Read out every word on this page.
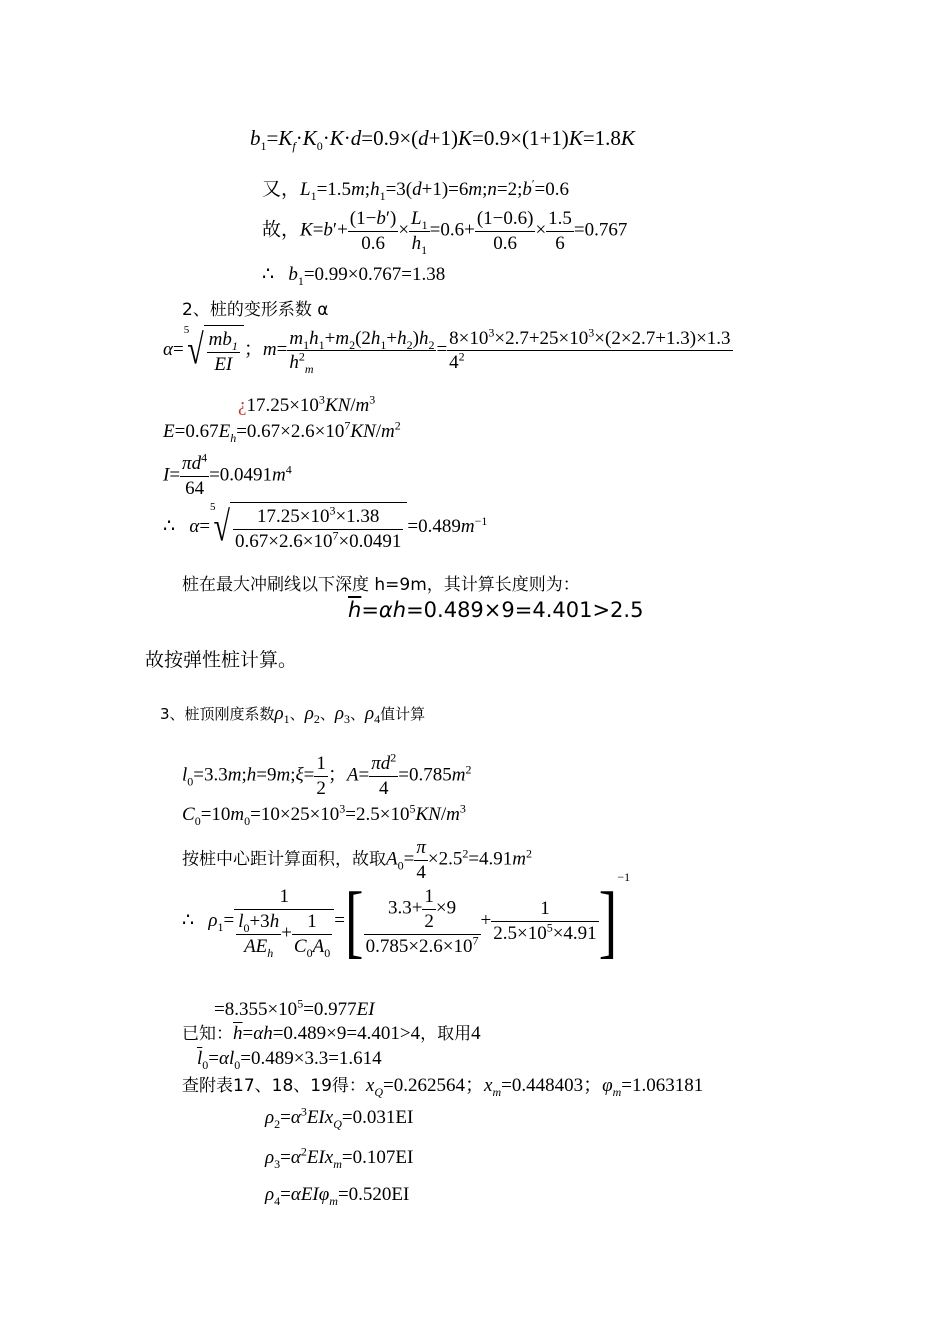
$b_1=K_f\cdot K_0\cdot K\cdot d=0.9\times(d+1)K=0.9\times(1+1)K=1.8K$
又，$L_1=1.5m;h_1=3(d+1)=6m;n=2;b'=0.6$
故，$K=b'+ \frac{(1-b')}{0.6} \times \frac{L_1}{h_1} =0.6+ \frac{(1-0.6)}{0.6} \times \frac{1.5}{6} =0.767$
∴   $b_1=0.99\times 0.767=1.38$
2、桩的变形系数 α
$\alpha=^5√ \frac{mb_1}{EI}$ ；$m= \frac{m_1h_1+m_2(2h_1+h_2)h_2}{h^2_m} = \frac{8\times 10^3\times 2.7+25\times 10^3\times(2\times 2.7+1.3)\times 1.3}{4^2}$
¿$17.25\times 10^3KN/m^3$
$E=0.67E_h=0.67\times 2.6\times 10^7KN/m^2$
$I= \frac{\pi d^4}{64} =0.0491m^4$
∴   $\alpha=^5√ \frac{17.25\times 10^3\times 1.38}{0.67\times 2.6\times 10^7\times 0.0491} =0.489m^{-1}$
桩在最大冲刷线以下深度 h=9m，其计算长度则为：
$\overline{h}=\alpha h=0.489\times 9=4.401>2.5$
故按弹性桩计算。
3、桩顶刚度系数$\rho_1$、$\rho_2$、$\rho_3$、$\rho_4$值计算
$l_0=3.3m;h=9m;\xi= \frac{1}{2}$ ；$A= \frac{\pi d^2}{4} =0.785m^2$
$C_0=10m_0=10\times 25\times 10^3=2.5\times 10^5KN/m^3$
按桩中心距计算面积，故取$A_0= \frac{\pi}{4} \times 2.5^2=4.91m^2$
∴   $\rho_1=$
1
$l_0+3h$
$AE_h$
+ $\frac{1}{C_0A_0}$ =[ $\frac{3.3+ \frac{1}{2} \times 9}{0.785\times 2.6\times 10^7} + \frac{1}{2.5\times 10^5\times 4.91} ]^{-1}$
$=8.355\times 10^5=0.977EI$
已知：$\overline{h}=\alpha h=0.489\times 9=4.401>4$，取用4
$\overline{l}_0=\alpha l_0=0.489\times 3.3=1.614$
查附表17、18、19得：$x_Q=0.262564$；$x_m=0.448403$；$\varphi_m=1.063181$
$\rho_2=\alpha^3EIx_Q=0.031EI$
$\rho_3=\alpha^2EIx_m=0.107EI$
$\rho_4=\alpha EI\varphi_m=0.520EI$
